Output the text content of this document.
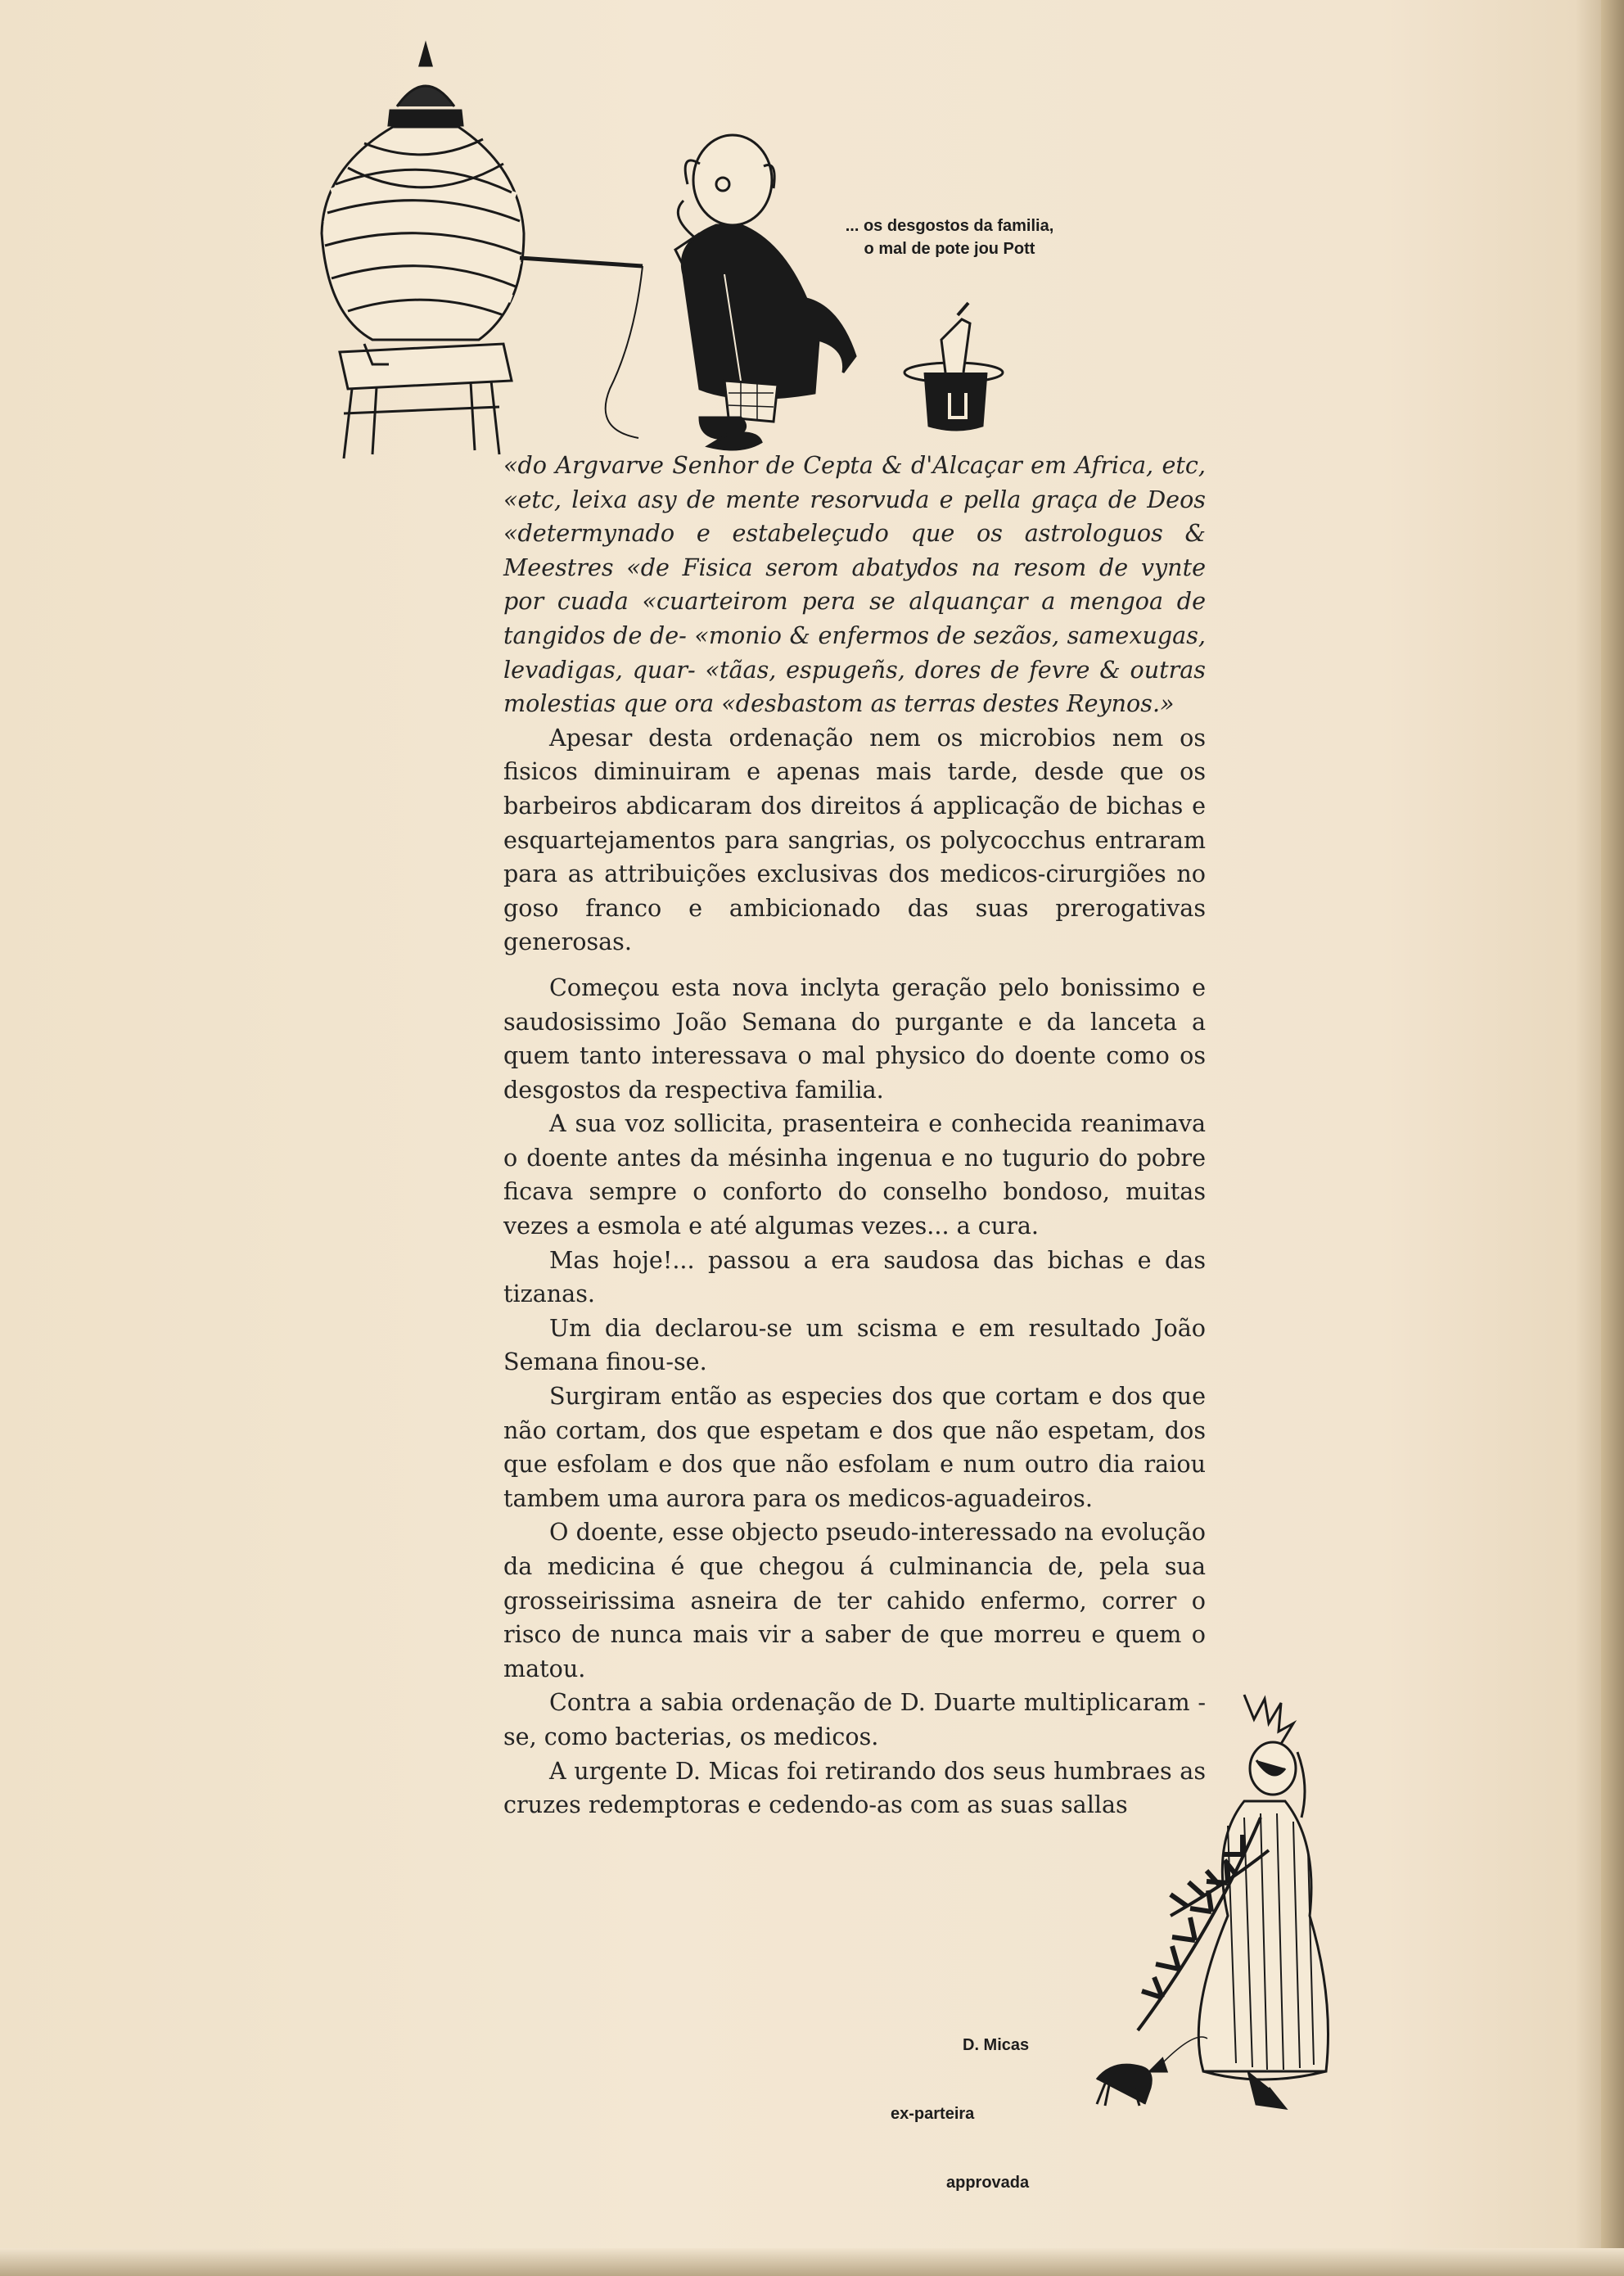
... os desgostos da familia,
o mal de pote jou Pott

«do Argvarve Senhor de Cepta & d'Alcaçar em Africa, etc, «etc, leixa asy de mente resorvuda e pella graça de Deos «determynado e estabeleçudo que os astrologuos & Meestres «de Fisica serom abatydos na resom de vynte por cuada «cuarteirom pera se alquançar a mengoa de tangidos de de- «monio & enfermos de sezãos, samexugas, levadigas, quar- «tãas, espugeñs, dores de fevre & outras molestias que ora «desbastom as terras destes Reynos.»

Apesar desta ordenação nem os microbios nem os fisicos diminuiram e apenas mais tarde, desde que os barbeiros abdicaram dos direitos á applicação de bichas e esquartejamentos para sangrias, os polycocchus entraram para as attribuições exclusivas dos medicos-cirurgiões no goso franco e ambicionado das suas prerogativas generosas.

Começou esta nova inclyta geração pelo bonissimo e saudosissimo João Semana do purgante e da lanceta a quem tanto interessava o mal physico do doente como os desgostos da respectiva familia.

A sua voz sollicita, prasenteira e conhecida reanimava o doente antes da mésinha ingenua e no tugurio do pobre ficava sempre o conforto do conselho bondoso, muitas vezes a esmola e até algumas vezes... a cura.

Mas hoje!... passou a era saudosa das bichas e das tizanas.

Um dia declarou-se um scisma e em resultado João Semana finou-se.

Surgiram então as especies dos que cortam e dos que não cortam, dos que espetam e dos que não espetam, dos que esfolam e dos que não esfolam e num outro dia raiou tambem uma aurora para os medicos-aguadeiros.

O doente, esse objecto pseudo-interessado na evolução da medicina é que chegou á culminancia de, pela sua grosseirissima asneira de ter cahido enfermo, correr o risco de nunca mais vir a saber de que morreu e quem o matou.

Contra a sabia ordenação de D. Duarte multiplicaram -se, como bacterias, os medicos.

A urgente D. Micas foi retirando dos seus humbraes as cruzes redemptoras e cedendo-as com as suas sallas

D. Micas

ex-parteira

approvada
